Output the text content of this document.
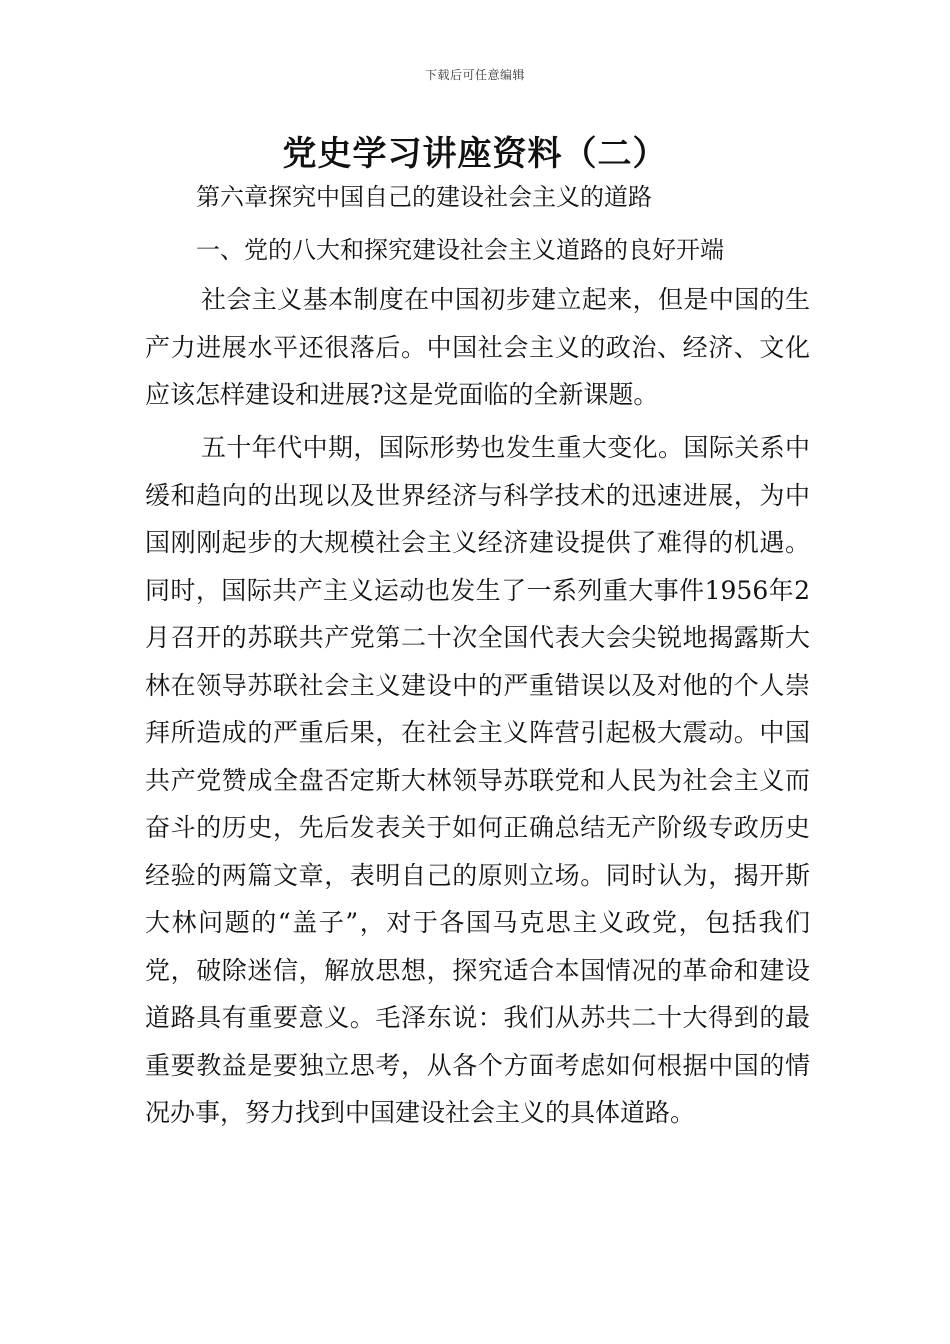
下载后可任意编辑
党史学习讲座资料（二）
第六章探究中国自己的建设社会主义的道路
一、党的八大和探究建设社会主义道路的良好开端
社会主义基本制度在中国初步建立起来，但是中国的生产力进展水平还很落后。中国社会主义的政治、经济、文化应该怎样建设和进展?这是党面临的全新课题。
五十年代中期，国际形势也发生重大变化。国际关系中缓和趋向的出现以及世界经济与科学技术的迅速进展，为中国刚刚起步的大规模社会主义经济建设提供了难得的机遇。同时，国际共产主义运动也发生了一系列重大事件1956年2月召开的苏联共产党第二十次全国代表大会尖锐地揭露斯大林在领导苏联社会主义建设中的严重错误以及对他的个人崇拜所造成的严重后果，在社会主义阵营引起极大震动。中国共产党赞成全盘否定斯大林领导苏联党和人民为社会主义而奋斗的历史，先后发表关于如何正确总结无产阶级专政历史经验的两篇文章，表明自己的原则立场。同时认为，揭开斯大林问题的“盖子”，对于各国马克思主义政党，包括我们党，破除迷信，解放思想，探究适合本国情况的革命和建设道路具有重要意义。毛泽东说：我们从苏共二十大得到的最重要教益是要独立思考，从各个方面考虑如何根据中国的情况办事，努力找到中国建设社会主义的具体道路。
